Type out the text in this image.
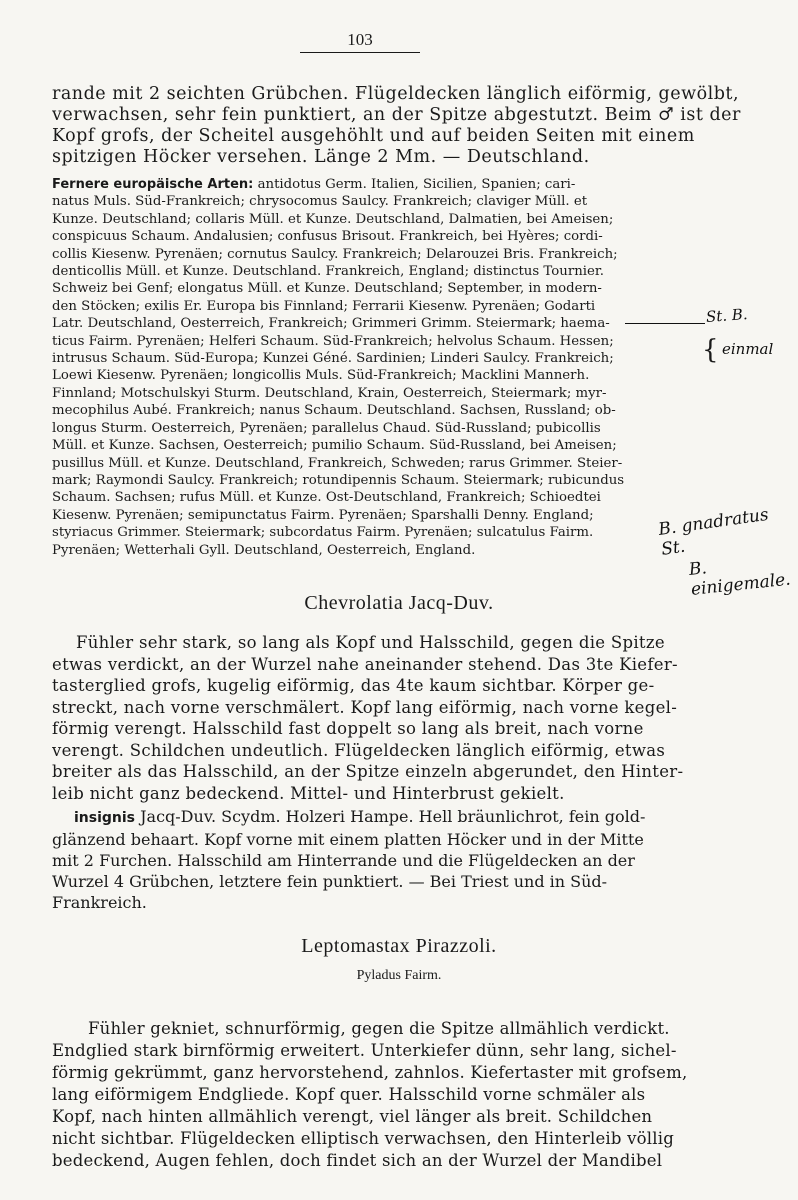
103
rande mit 2 seichten Grübchen. Flügeldecken länglich eiförmig, gewölbt,
verwachsen, sehr fein punktiert, an der Spitze abgestutzt. Beim ♂ ist der
Kopf grofs, der Scheitel ausgehöhlt und auf beiden Seiten mit einem
spitzigen Höcker versehen. Länge 2 Mm. — Deutschland.
Fernere europäische Arten: antidotus Germ. Italien, Sicilien, Spanien; cari-
natus Muls. Süd-Frankreich; chrysocomus Saulcy. Frankreich; claviger Müll. et
Kunze. Deutschland; collaris Müll. et Kunze. Deutschland, Dalmatien, bei Ameisen;
conspicuus Schaum. Andalusien; confusus Brisout. Frankreich, bei Hyères; cordi-
collis Kiesenw. Pyrenäen; cornutus Saulcy. Frankreich; Delarouzei Bris. Frankreich;
denticollis Müll. et Kunze. Deutschland. Frankreich, England; distinctus Tournier.
Schweiz bei Genf; elongatus Müll. et Kunze. Deutschland; September, in modern-
den Stöcken; exilis Er. Europa bis Finnland; Ferrarii Kiesenw. Pyrenäen; Godarti
Latr. Deutschland, Oesterreich, Frankreich; Grimmeri Grimm. Steiermark; haema-
ticus Fairm. Pyrenäen; Helferi Schaum. Süd-Frankreich; helvolus Schaum. Hessen;
intrusus Schaum. Süd-Europa; Kunzei Géné. Sardinien; Linderi Saulcy. Frankreich;
Loewi Kiesenw. Pyrenäen; longicollis Muls. Süd-Frankreich; Macklini Mannerh.
Finnland; Motschulskyi Sturm. Deutschland, Krain, Oesterreich, Steiermark; myr-
mecophilus Aubé. Frankreich; nanus Schaum. Deutschland. Sachsen, Russland; ob-
longus Sturm. Oesterreich, Pyrenäen; parallelus Chaud. Süd-Russland; pubicollis
Müll. et Kunze. Sachsen, Oesterreich; pumilio Schaum. Süd-Russland, bei Ameisen;
pusillus Müll. et Kunze. Deutschland, Frankreich, Schweden; rarus Grimmer. Steier-
mark; Raymondi Saulcy. Frankreich; rotundipennis Schaum. Steiermark; rubicundus
Schaum. Sachsen; rufus Müll. et Kunze. Ost-Deutschland, Frankreich; Schioedtei
Kiesenw. Pyrenäen; semipunctatus Fairm. Pyrenäen; Sparshalli Denny. England;
styriacus Grimmer. Steiermark; subcordatus Fairm. Pyrenäen; sulcatulus Fairm.
Pyrenäen; Wetterhali Gyll. Deutschland, Oesterreich, England.
St. B.
{ einmal
B. gnadratus St.
B. einigemale.
Chevrolatia Jacq-Duv.
Fühler sehr stark, so lang als Kopf und Halsschild, gegen die Spitze
etwas verdickt, an der Wurzel nahe aneinander stehend. Das 3te Kiefer-
tasterglied grofs, kugelig eiförmig, das 4te kaum sichtbar. Körper ge-
streckt, nach vorne verschmälert. Kopf lang eiförmig, nach vorne kegel-
förmig verengt. Halsschild fast doppelt so lang als breit, nach vorne
verengt. Schildchen undeutlich. Flügeldecken länglich eiförmig, etwas
breiter als das Halsschild, an der Spitze einzeln abgerundet, den Hinter-
leib nicht ganz bedeckend. Mittel- und Hinterbrust gekielt.
insignis Jacq-Duv. Scydm. Holzeri Hampe. Hell bräunlichrot, fein gold-
glänzend behaart. Kopf vorne mit einem platten Höcker und in der Mitte
mit 2 Furchen. Halsschild am Hinterrande und die Flügeldecken an der
Wurzel 4 Grübchen, letztere fein punktiert. — Bei Triest und in Süd-
Frankreich.
Leptomastax Pirazzoli.
Pyladus Fairm.
Fühler gekniet, schnurförmig, gegen die Spitze allmählich verdickt.
Endglied stark birnförmig erweitert. Unterkiefer dünn, sehr lang, sichel-
förmig gekrümmt, ganz hervorstehend, zahnlos. Kiefertaster mit grofsem,
lang eiförmigem Endgliede. Kopf quer. Halsschild vorne schmäler als
Kopf, nach hinten allmählich verengt, viel länger als breit. Schildchen
nicht sichtbar. Flügeldecken elliptisch verwachsen, den Hinterleib völlig
bedeckend, Augen fehlen, doch findet sich an der Wurzel der Mandibel
